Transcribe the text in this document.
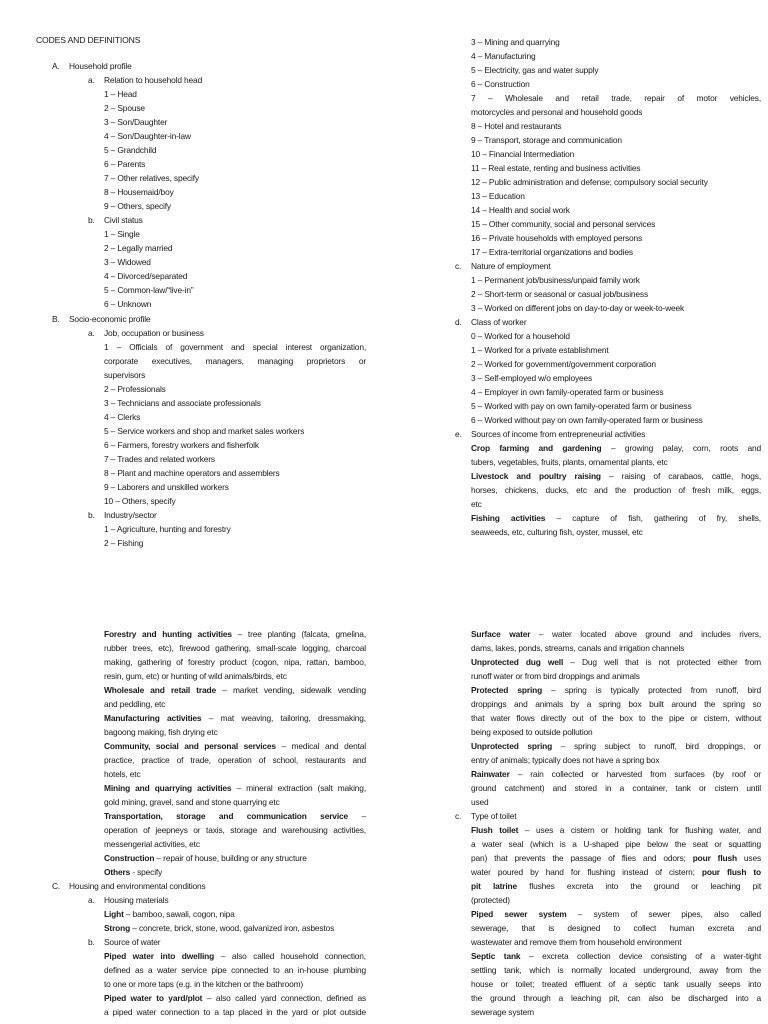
CODES AND DEFINITIONS
A. Household profile
a. Relation to household head
1 – Head
2 – Spouse
3 – Son/Daughter
4 – Son/Daughter-in-law
5 – Grandchild
6 – Parents
7 – Other relatives, specify
8 – Housemaid/boy
9 – Others, specify
b. Civil status
1 – Single
2 – Legally married
3 – Widowed
4 – Divorced/separated
5 – Common-law/“live-in”
6 – Unknown
B. Socio-economic profile
a. Job, occupation or business
1 – Officials of government and special interest organization,
corporate executives, managers, managing proprietors or
supervisors
2 – Professionals
3 – Technicians and associate professionals
4 – Clerks
5 – Service workers and shop and market sales workers
6 – Farmers, forestry workers and fisherfolk
7 – Trades and related workers
8 – Plant and machine operators and assemblers
9 – Laborers and unskilled workers
10 – Others, specify
b. Industry/sector
1 – Agriculture, hunting and forestry
2 – Fishing
3 – Mining and quarrying
4 – Manufacturing
5 – Electricity, gas and water supply
6 – Construction
7 – Wholesale and retail trade, repair of motor vehicles,
motorcycles and personal and household goods
8 – Hotel and restaurants
9 – Transport, storage and communication
10 – Financial Intermediation
11 – Real estate, renting and business activities
12 – Public administration and defense; compulsory social security
13 – Education
14 – Health and social work
15 – Other community, social and personal services
16 – Private households with employed persons
17 – Extra-territorial organizations and bodies
c. Nature of employment
1 – Permanent job/business/unpaid family work
2 – Short-term or seasonal or casual job/business
3 – Worked on different jobs on day-to-day or week-to-week
d. Class of worker
0 – Worked for a household
1 – Worked for a private establishment
2 – Worked for government/government corporation
3 – Self-employed w/o employees
4 – Employer in own family-operated farm or business
5 – Worked with pay on own family-operated farm or business
6 – Worked without pay on own family-operated farm or business
e. Sources of income from entrepreneurial activities
Crop farming and gardening – growing palay, corn, roots and
tubers, vegetables, fruits, plants, ornamental plants, etc
Livestock and poultry raising – raising of carabaos, cattle, hogs,
horses, chickens, ducks, etc and the production of fresh milk, eggs,
etc
Fishing activities – capture of fish, gathering of fry, shells,
seaweeds, etc, culturing fish, oyster, mussel, etc
Forestry and hunting activities – tree planting (falcata, gmelina,
rubber trees, etc), firewood gathering, small-scale logging, charcoal
making, gathering of forestry product (cogon, nipa, rattan, bamboo,
resin, gum, etc) or hunting of wild animals/birds, etc
Wholesale and retail trade – market vending, sidewalk vending
and peddling, etc
Manufacturing activities – mat weaving, tailoring, dressmaking,
bagoong making, fish drying etc
Community, social and personal services – medical and dental
practice, practice of trade, operation of school, restaurants and
hotels, etc
Mining and quarrying activities – mineral extraction (salt making,
gold mining, gravel, sand and stone quarrying etc
Transportation, storage and communication service –
operation of jeepneys or taxis, storage and warehousing activities,
messengerial activities, etc
Construction – repair of house, building or any structure
Others - specify
C. Housing and environmental conditions
a. Housing materials
Light – bamboo, sawali, cogon, nipa
Strong – concrete, brick, stone, wood, galvanized iron, asbestos
b. Source of water
Piped water into dwelling – also called household connection,
defined as a water service pipe connected to an in-house plumbing
to one or more taps (e.g. in the kitchen or the bathroom)
Piped water to yard/plot – also called yard connection, defined as
a piped water connection to a tap placed in the yard or plot outside
Surface water – water located above ground and includes rivers,
dams, lakes, ponds, streams, canals and irrigation channels
Unprotected dug well – Dug well that is not protected either from
runoff water or from bird droppings and animals
Protected spring – spring is typically protected from runoff, bird
droppings and animals by a spring box built around the spring so
that water flows directly out of the box to the pipe or cistern, without
being exposed to outside pollution
Unprotected spring – spring subject to runoff, bird droppings, or
entry of animals; typically does not have a spring box
Rainwater – rain collected or harvested from surfaces (by roof or
ground catchment) and stored in a container, tank or cistern until
used
c. Type of toilet
Flush toilet – uses a cistern or holding tank for flushing water, and
a water seal (which is a U-shaped pipe below the seat or squatting
pan) that prevents the passage of flies and odors; pour flush uses
water poured by hand for flushing instead of cistern; pour flush to
pit latrine flushes excreta into the ground or leaching pit
(protected)
Piped sewer system – system of sewer pipes, also called
sewerage, that is designed to collect human excreta and
wastewater and remove them from household environment
Septic tank – excreta collection device consisting of a water-tight
settling tank, which is normally located underground, away from the
house or toilet; treated effluent of a septic tank usually seeps into
the ground through a leaching pit, can also be discharged into a
sewerage system
